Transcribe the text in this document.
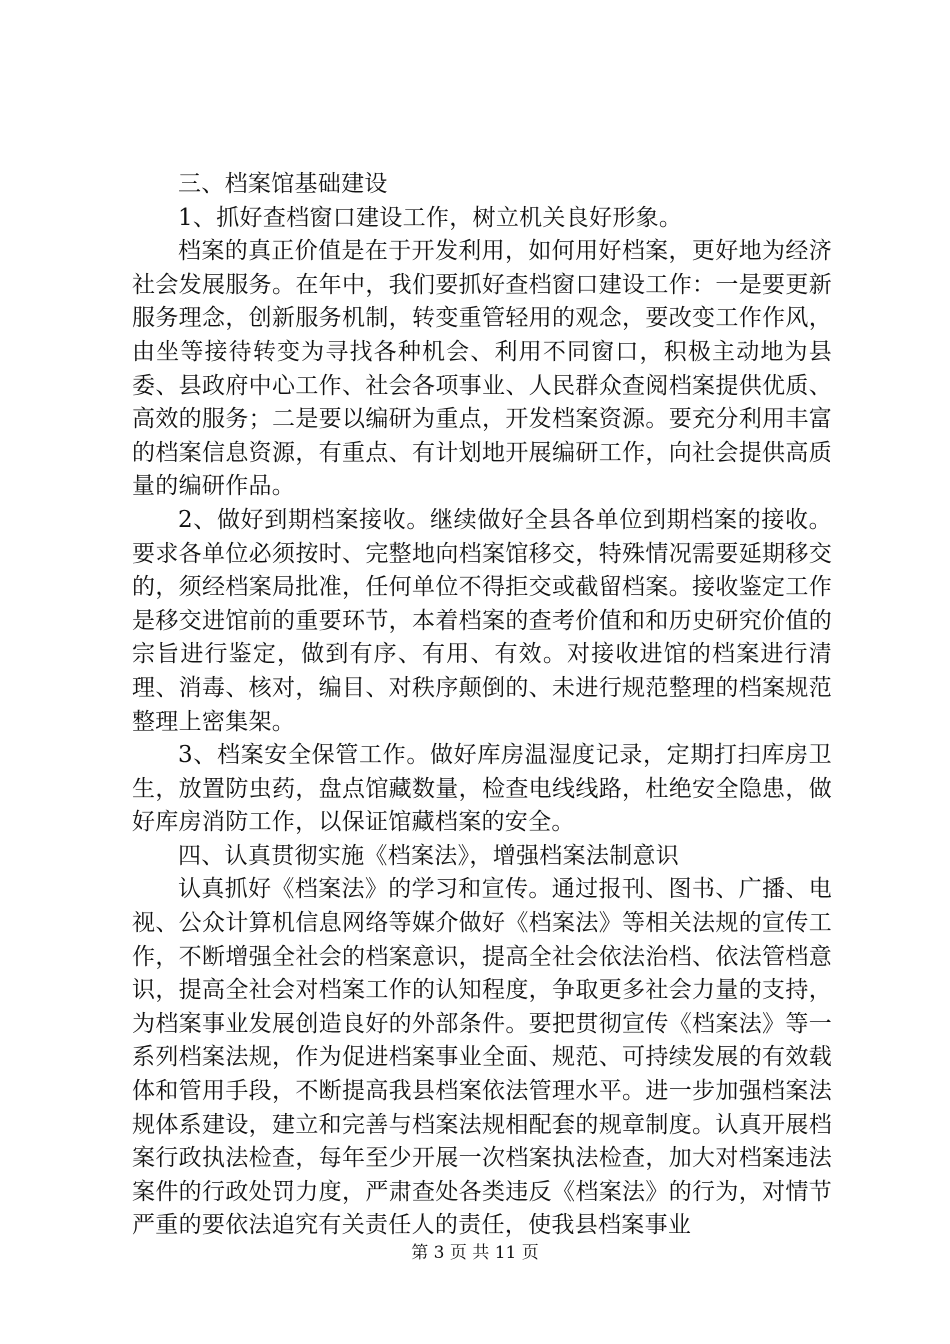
三、档案馆基础建设

1、抓好查档窗口建设工作，树立机关良好形象。

档案的真正价值是在于开发利用，如何用好档案，更好地为经济社会发展服务。在年中，我们要抓好查档窗口建设工作：一是要更新服务理念，创新服务机制，转变重管轻用的观念，要改变工作作风，由坐等接待转变为寻找各种机会、利用不同窗口，积极主动地为县委、县政府中心工作、社会各项事业、人民群众查阅档案提供优质、高效的服务；二是要以编研为重点，开发档案资源。要充分利用丰富的档案信息资源，有重点、有计划地开展编研工作，向社会提供高质量的编研作品。

2、做好到期档案接收。继续做好全县各单位到期档案的接收。要求各单位必须按时、完整地向档案馆移交，特殊情况需要延期移交的，须经档案局批准，任何单位不得拒交或截留档案。接收鉴定工作是移交进馆前的重要环节，本着档案的查考价值和和历史研究价值的宗旨进行鉴定，做到有序、有用、有效。对接收进馆的档案进行清理、消毒、核对，编目、对秩序颠倒的、未进行规范整理的档案规范整理上密集架。

3、档案安全保管工作。做好库房温湿度记录，定期打扫库房卫生，放置防虫药，盘点馆藏数量，检查电线线路，杜绝安全隐患，做好库房消防工作，以保证馆藏档案的安全。

四、认真贯彻实施《档案法》，增强档案法制意识

认真抓好《档案法》的学习和宣传。通过报刊、图书、广播、电视、公众计算机信息网络等媒介做好《档案法》等相关法规的宣传工作，不断增强全社会的档案意识，提高全社会依法治档、依法管档意识，提高全社会对档案工作的认知程度，争取更多社会力量的支持，为档案事业发展创造良好的外部条件。要把贯彻宣传《档案法》等一系列档案法规，作为促进档案事业全面、规范、可持续发展的有效载体和管用手段，不断提高我县档案依法管理水平。进一步加强档案法规体系建设，建立和完善与档案法规相配套的规章制度。认真开展档案行政执法检查，每年至少开展一次档案执法检查，加大对档案违法案件的行政处罚力度，严肃查处各类违反《档案法》的行为，对情节严重的要依法追究有关责任人的责任，使我县档案事业

第 3 页 共 11 页
